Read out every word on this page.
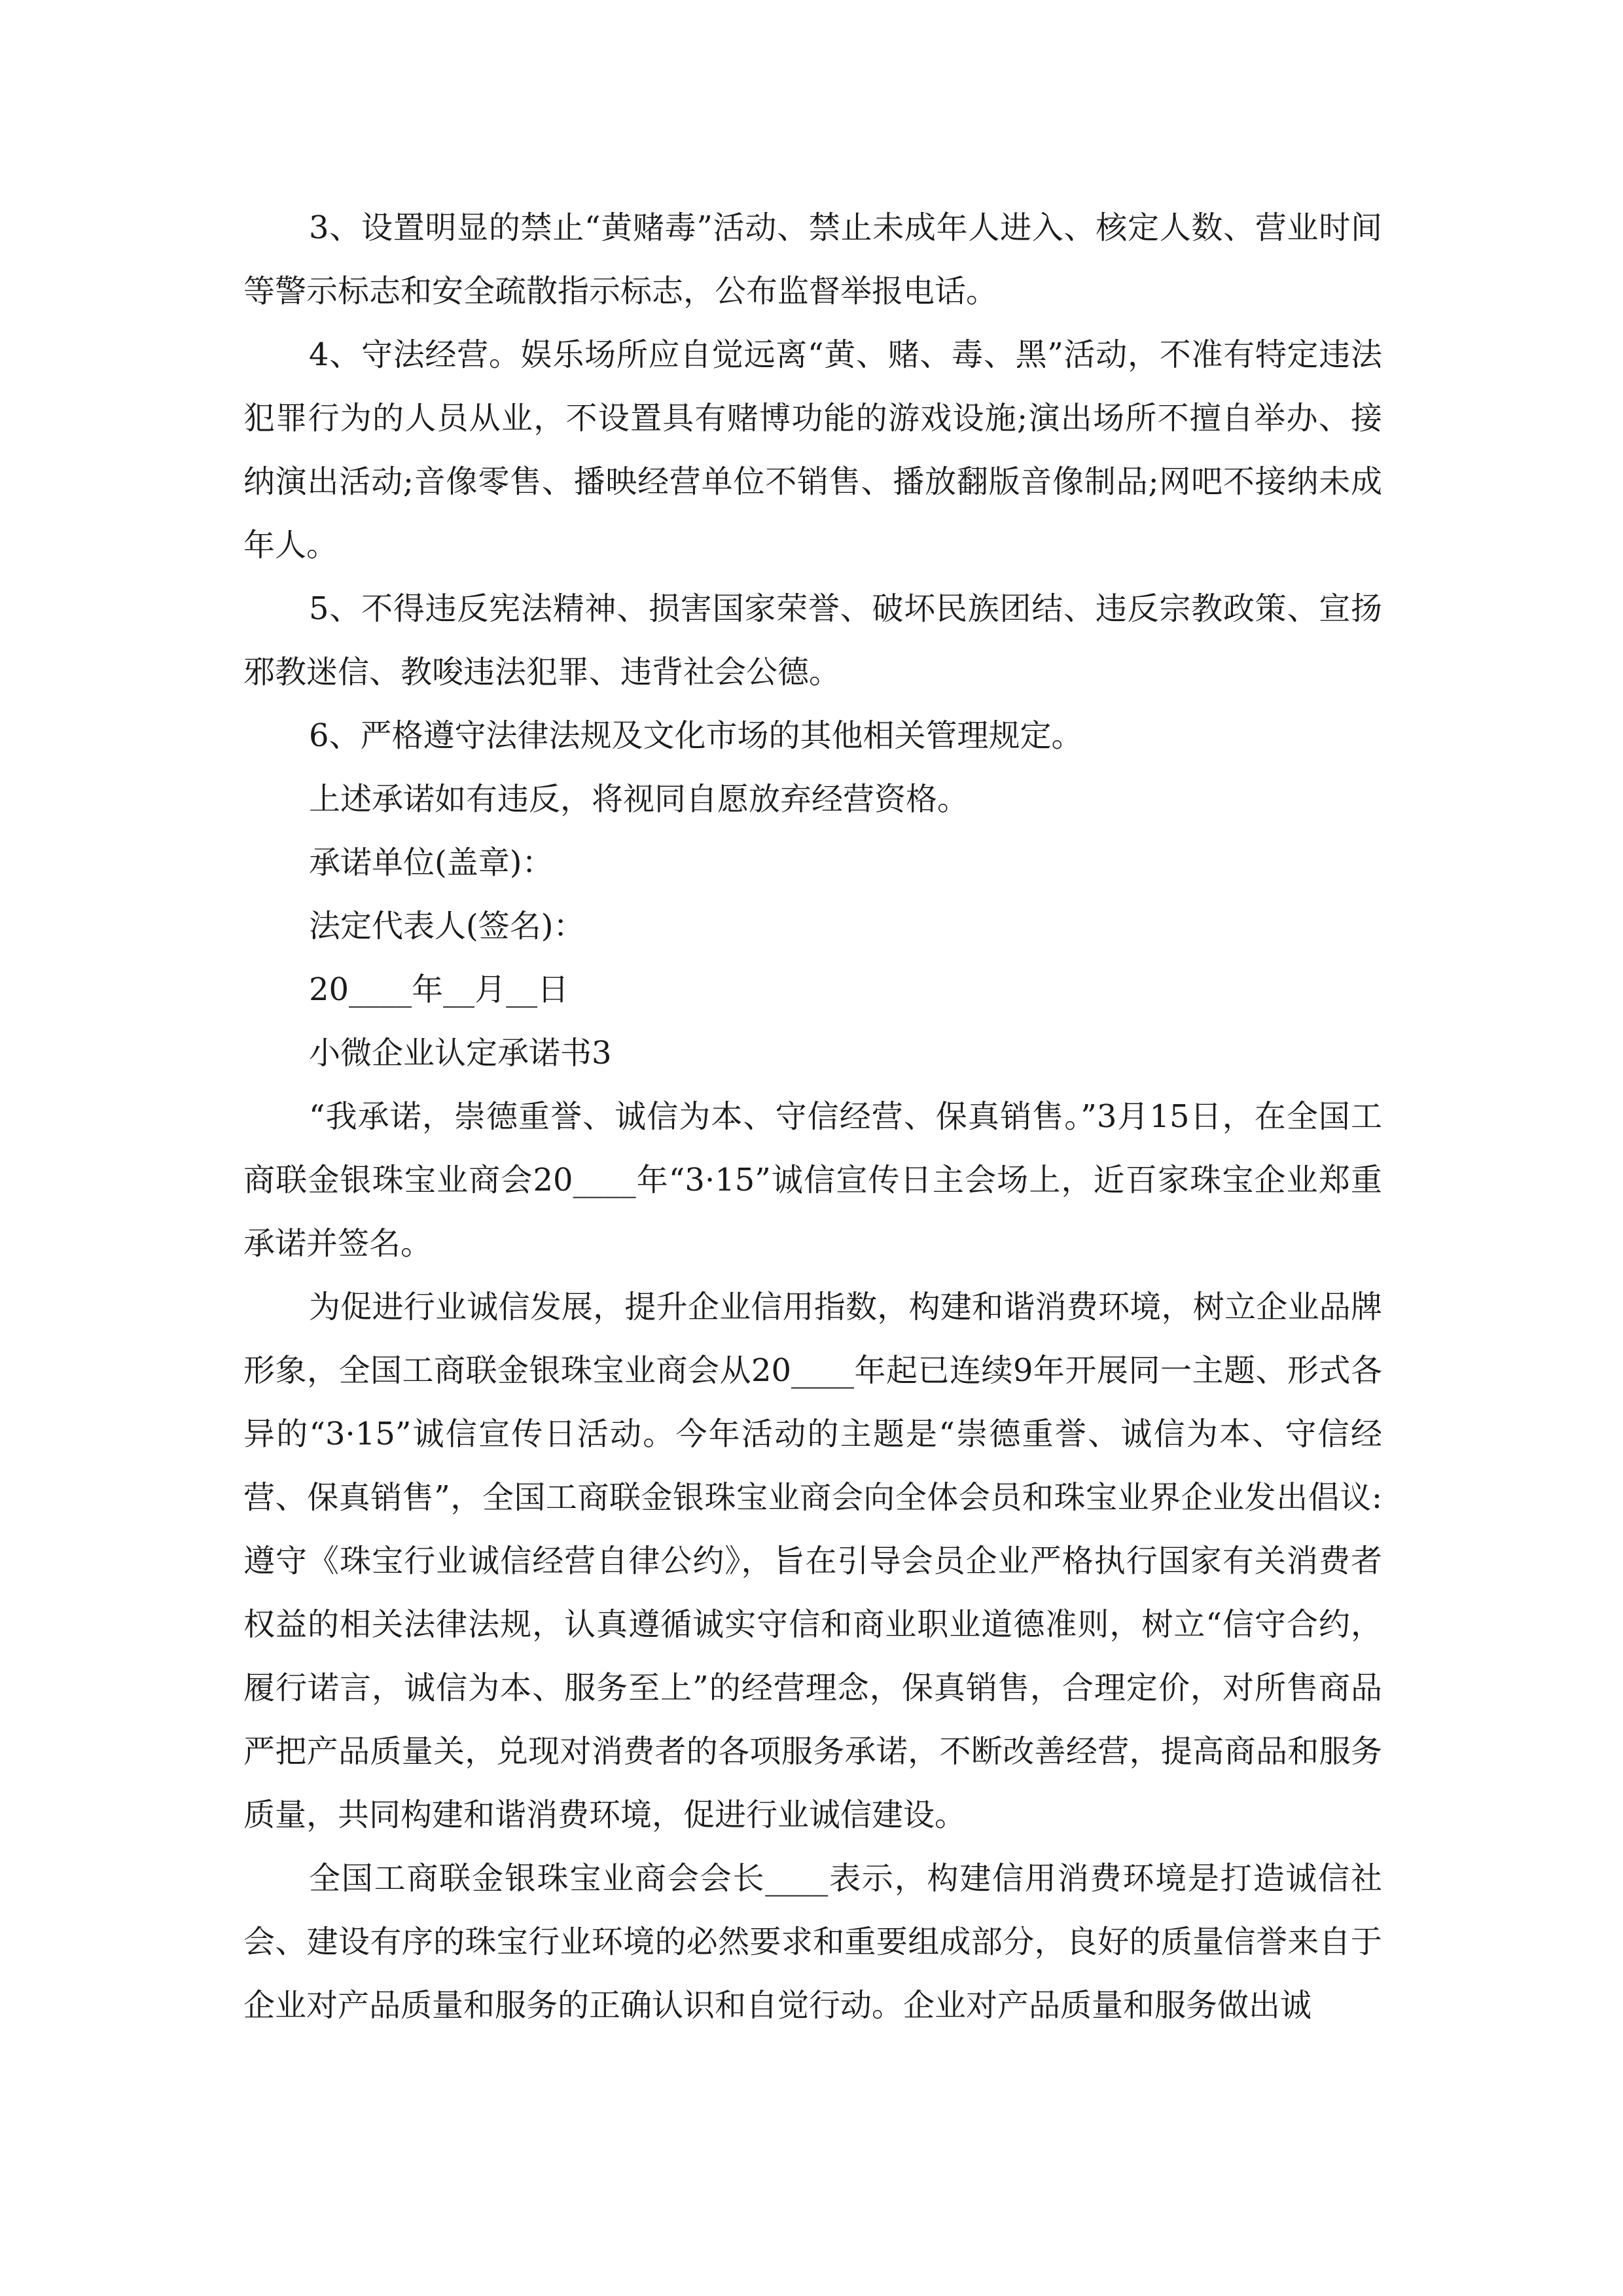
3、设置明显的禁止“黄赌毒”活动、禁止未成年人进入、核定人数、营业时间等警示标志和安全疏散指示标志，公布监督举报电话。

4、守法经营。娱乐场所应自觉远离“黄、赌、毒、黑”活动，不准有特定违法犯罪行为的人员从业，不设置具有赌博功能的游戏设施;演出场所不擅自举办、接纳演出活动;音像零售、播映经营单位不销售、播放翻版音像制品;网吧不接纳未成年人。

5、不得违反宪法精神、损害国家荣誉、破坏民族团结、违反宗教政策、宣扬邪教迷信、教唆违法犯罪、违背社会公德。

6、严格遵守法律法规及文化市场的其他相关管理规定。

上述承诺如有违反，将视同自愿放弃经营资格。

承诺单位(盖章)：

法定代表人(签名)：

20____年__月__日

小微企业认定承诺书3

“我承诺，崇德重誉、诚信为本、守信经营、保真销售。”3月15日，在全国工商联金银珠宝业商会20____年“3·15”诚信宣传日主会场上，近百家珠宝企业郑重承诺并签名。

为促进行业诚信发展，提升企业信用指数，构建和谐消费环境，树立企业品牌形象，全国工商联金银珠宝业商会从20____年起已连续9年开展同一主题、形式各异的“3·15”诚信宣传日活动。今年活动的主题是“崇德重誉、诚信为本、守信经营、保真销售”，全国工商联金银珠宝业商会向全体会员和珠宝业界企业发出倡议:遵守《珠宝行业诚信经营自律公约》，旨在引导会员企业严格执行国家有关消费者权益的相关法律法规，认真遵循诚实守信和商业职业道德准则，树立“信守合约，履行诺言，诚信为本、服务至上”的经营理念，保真销售，合理定价，对所售商品严把产品质量关，兑现对消费者的各项服务承诺，不断改善经营，提高商品和服务质量，共同构建和谐消费环境，促进行业诚信建设。

全国工商联金银珠宝业商会会长____表示，构建信用消费环境是打造诚信社会、建设有序的珠宝行业环境的必然要求和重要组成部分，良好的质量信誉来自于企业对产品质量和服务的正确认识和自觉行动。企业对产品质量和服务做出诚
